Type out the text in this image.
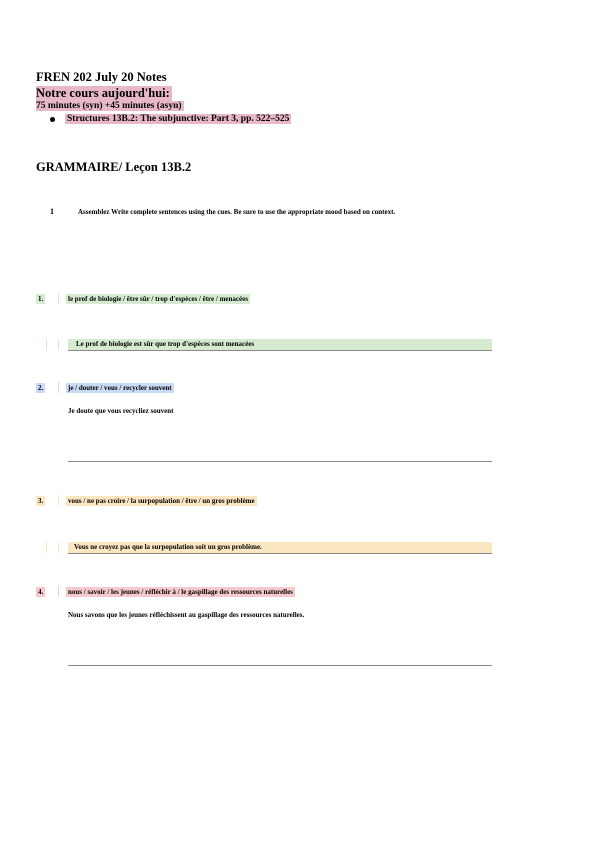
FREN 202 July 20 Notes
Notre cours aujourd'hui:
75 minutes (syn) +45 minutes (asyn)
Structures 13B.2: The subjunctive: Part 3, pp. 522–525
GRAMMAIRE/ Leçon 13B.2
1	Assemblez Write complete sentences using the cues. Be sure to use the appropriate mood based on context.
1.	le prof de biologie / être sûr / trop d'espèces / être / menacées
Le prof de biologie est sûr que trop d'espèces sont menacées
2.	je / douter / vous / recycler souvent
Je doute que vous recycliez souvent
3.	vous / ne pas croire / la surpopulation / être / un gros problème
Vous ne croyez pas que la surpopulation soit un gros problème.
4.	nous / savoir / les jeunes / réfléchir à / le gaspillage des ressources naturelles
Nous savons que les jeunes réfléchissent au gaspillage des ressources naturelles.
